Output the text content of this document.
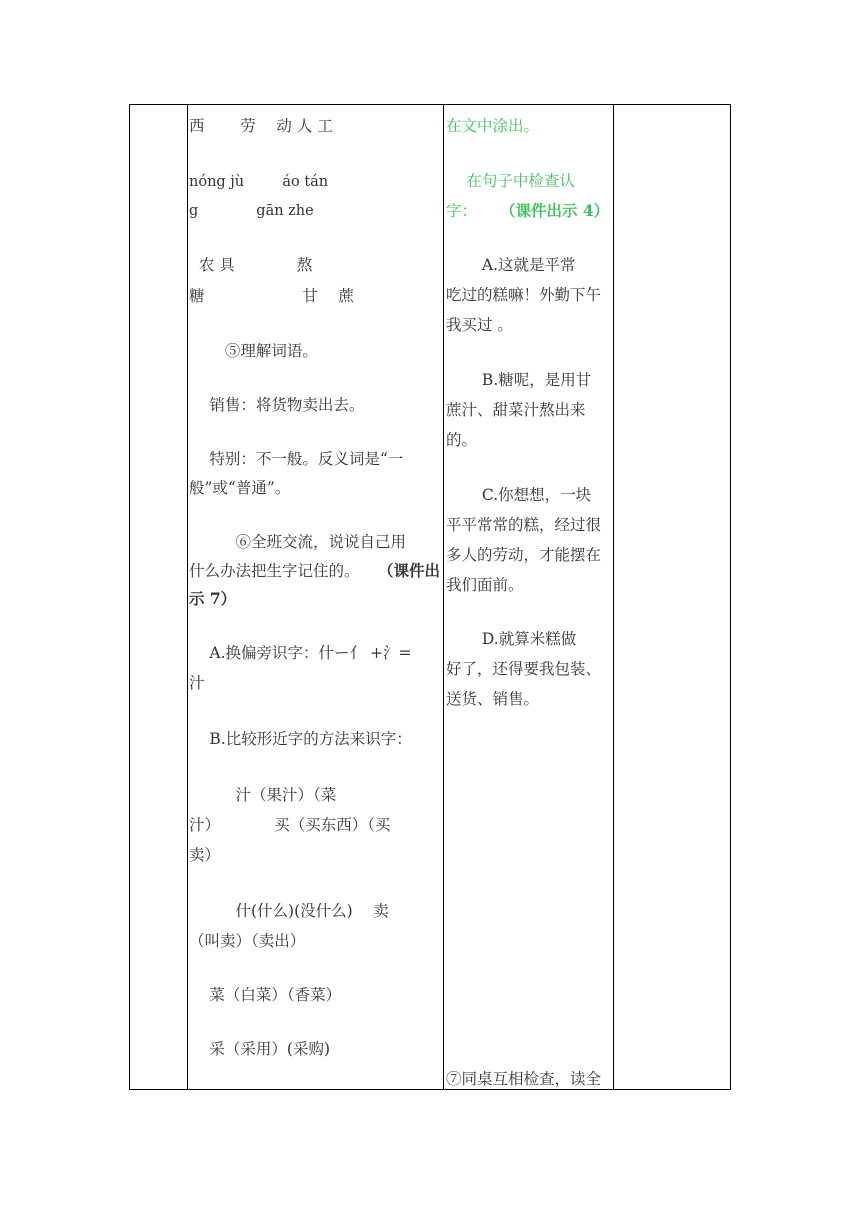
西　　 劳　 动 人 工
nóng jù　　  áo tán
g　　　　gān zhe
农 具　　　　熬
糖　　　　　　 甘　 蔗
　　 ⑤理解词语。
　 销售：将货物卖出去。
　 特别：不一般。反义词是“一
般”或“普通”。
　　　⑥全班交流，说说自己用
什么办法把生字记住的。 （课件出
示 7）
　 A.换偏旁识字：什ー亻 +氵=
汁
　 B.比较形近字的方法来识字：
　　　汁（果汁）（菜
汁）　　　　买（买东西）（买
卖）
　　　什(什么)(没什么)　 卖
（叫卖）（卖出）
　 菜（白菜）（香菜）
　 采（采用）(采购)
在文中涂出。
　 在句子中检查认
字：　 （课件出示 4）
　　 A.这就是平常
吃过的糕嘛！外勤下午
我买过 。
　　 B.糖呢，是用甘
蔗汁、甜菜汁熬出来
的。
　　 C.你想想，一块
平平常常的糕，经过很
多人的劳动，才能摆在
我们面前。
　　 D.就算米糕做
好了，还得要我包装、
送货、销售。
⑦同桌互相检查，读全
